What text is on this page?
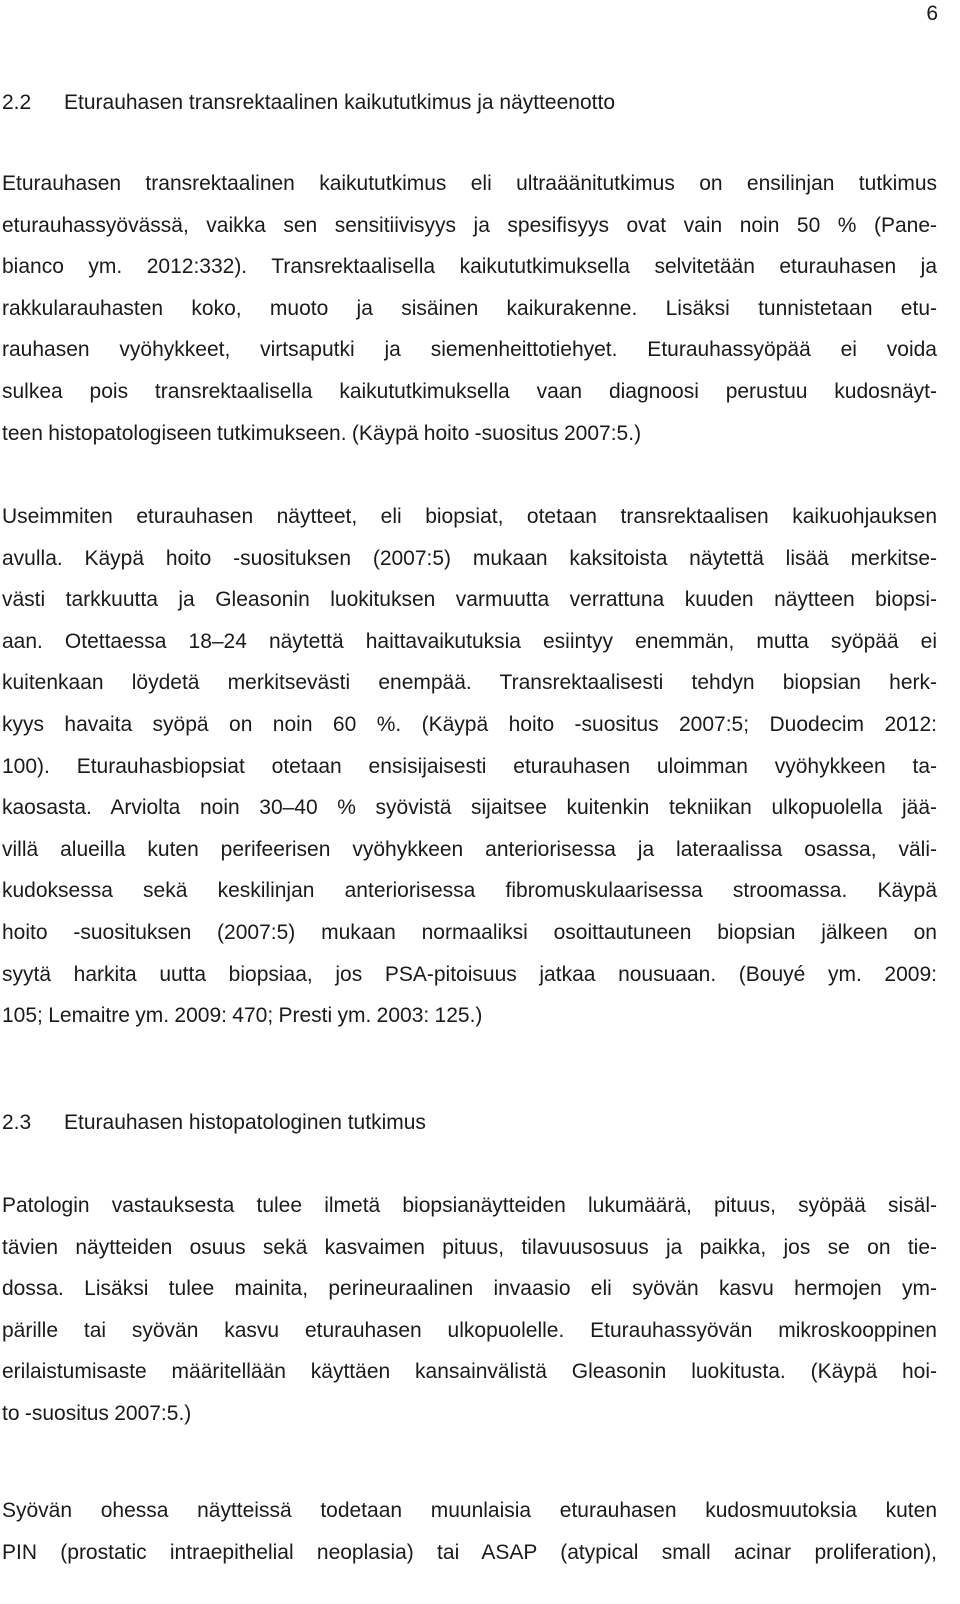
6
2.2 Eturauhasen transrektaalinen kaikututkimus ja näytteenotto
Eturauhasen transrektaalinen kaikututkimus eli ultraäänitutkimus on ensilinjan tutkimus
eturauhassyövässä, vaikka sen sensitiivisyys ja spesifisyys ovat vain noin 50 % (Pane-
bianco ym. 2012:332). Transrektaalisella kaikututkimuksella selvitetään eturauhasen ja
rakkularauhasten koko, muoto ja sisäinen kaikurakenne. Lisäksi tunnistetaan etu-
rauhasen vyöhykkeet, virtsaputki ja siemenheittotiehyet. Eturauhassyöpää ei voida
sulkea pois transrektaalisella kaikututkimuksella vaan diagnoosi perustuu kudosnäyt-
teen histopatologiseen tutkimukseen. (Käypä hoito -suositus 2007:5.)
Useimmiten eturauhasen näytteet, eli biopsiat, otetaan transrektaalisen kaikuohjauksen
avulla. Käypä hoito -suosituksen (2007:5) mukaan kaksitoista näytettä lisää merkitse-
västi tarkkuutta ja Gleasonin luokituksen varmuutta verrattuna kuuden näytteen biopsi-
aan. Otettaessa 18–24 näytettä haittavaikutuksia esiintyy enemmän, mutta syöpää ei
kuitenkaan löydetä merkitsevästi enempää. Transrektaalisesti tehdyn biopsian herk-
kyys havaita syöpä on noin 60 %. (Käypä hoito -suositus 2007:5; Duodecim 2012:
100). Eturauhasbiopsiat otetaan ensisijaisesti eturauhasen uloimman vyöhykkeen ta-
kaosasta. Arviolta noin 30–40 % syövistä sijaitsee kuitenkin tekniikan ulkopuolella jää-
villä alueilla kuten perifeerisen vyöhykkeen anteriorisessa ja lateraalissa osassa, väli-
kudoksessa sekä keskilinjan anteriorisessa fibromuskulaarisessa stroomassa. Käypä
hoito -suosituksen (2007:5) mukaan normaaliksi osoittautuneen biopsian jälkeen on
syytä harkita uutta biopsiaa, jos PSA-pitoisuus jatkaa nousuaan. (Bouyé ym. 2009:
105; Lemaitre ym. 2009: 470; Presti ym. 2003: 125.)
2.3 Eturauhasen histopatologinen tutkimus
Patologin vastauksesta tulee ilmetä biopsianäytteiden lukumäärä, pituus, syöpää sisäl-
tävien näytteiden osuus sekä kasvaimen pituus, tilavuusosuus ja paikka, jos se on tie-
dossa. Lisäksi tulee mainita, perineuraalinen invaasio eli syövän kasvu hermojen ym-
pärille tai syövän kasvu eturauhasen ulkopuolelle. Eturauhassyövän mikroskooppinen
erilaistumisaste määritellään käyttäen kansainvälistä Gleasonin luokitusta. (Käypä hoi-
to -suositus 2007:5.)
Syövän ohessa näytteissä todetaan muunlaisia eturauhasen kudosmuutoksia kuten
PIN (prostatic intraepithelial neoplasia) tai ASAP (atypical small acinar proliferation),
